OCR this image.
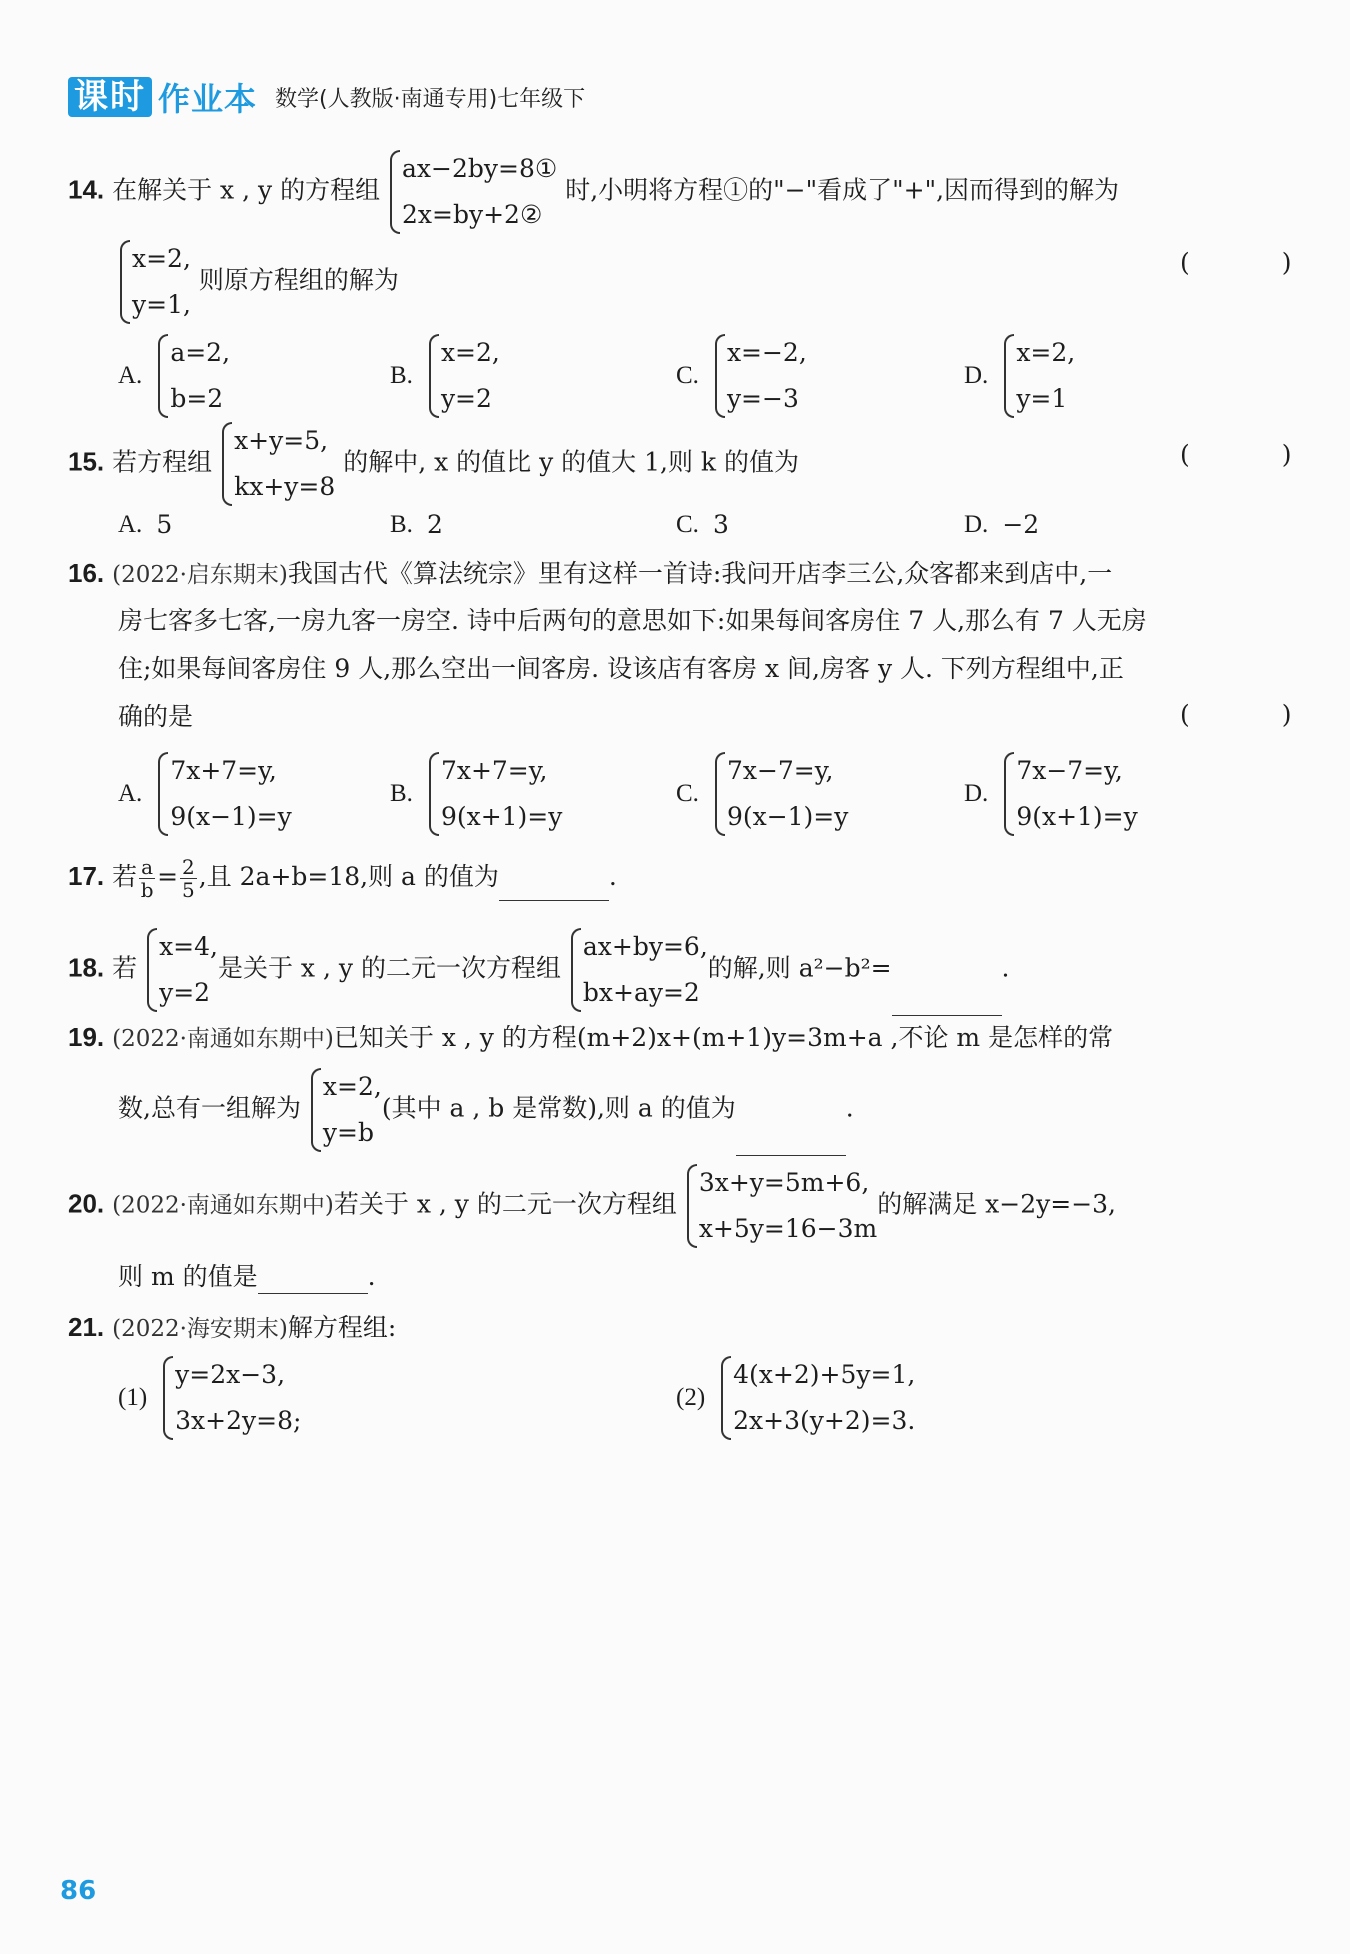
课时 作业本 数学(人教版·南通专用)七年级下
14. 在解关于 x , y 的方程组
ax−2by=8①
2x=by+2②
时,小明将方程①的"−"看成了"+",因而得到的解为
x=2,
y=1,
则原方程组的解为
( )
A.
a=2,
b=2
B.
x=2,
y=2
C.
x=−2,
y=−3
D.
x=2,
y=1
15. 若方程组
x+y=5,
kx+y=8
的解中, x 的值比 y 的值大 1,则 k 的值为	( )
A. 5	B. 2	C. 3	D. −2
16. (2022·启东期末)我国古代《算法统宗》里有这样一首诗:我问开店李三公,众客都来到店中,一
房七客多七客,一房九客一房空. 诗中后两句的意思如下:如果每间客房住 7 人,那么有 7 人无房
住;如果每间客房住 9 人,那么空出一间客房. 设该店有客房 x 间,房客 y 人. 下列方程组中,正
确的是	( )
A.
7x+7=y,
9(x−1)=y
B.
7x+7=y,
9(x+1)=y
C.
7x−7=y,
9(x−1)=y
D.
7x−7=y,
9(x+1)=y
17. 若 $\frac{a}{b} = \frac{2}{5}$ ,且 2a+b=18,则 a 的值为	.
18. 若
x=4,
y=2
是关于 x , y 的二元一次方程组
ax+by=6,
bx+ay=2
的解,则 a²−b²=	.
19. (2022·南通如东期中)已知关于 x , y 的方程(m+2)x+(m+1)y=3m+a ,不论 m 是怎样的常
数,总有一组解为
x=2,
y=b
(其中 a , b 是常数),则 a 的值为	.
20. (2022·南通如东期中)若关于 x , y 的二元一次方程组
3x+y=5m+6,
x+5y=16−3m
的解满足 x−2y=−3,
则 m 的值是	.
21. (2022·海安期末)解方程组:
(1)
y=2x−3,
3x+2y=8;
(2)
4(x+2)+5y=1,
2x+3(y+2)=3.
86
